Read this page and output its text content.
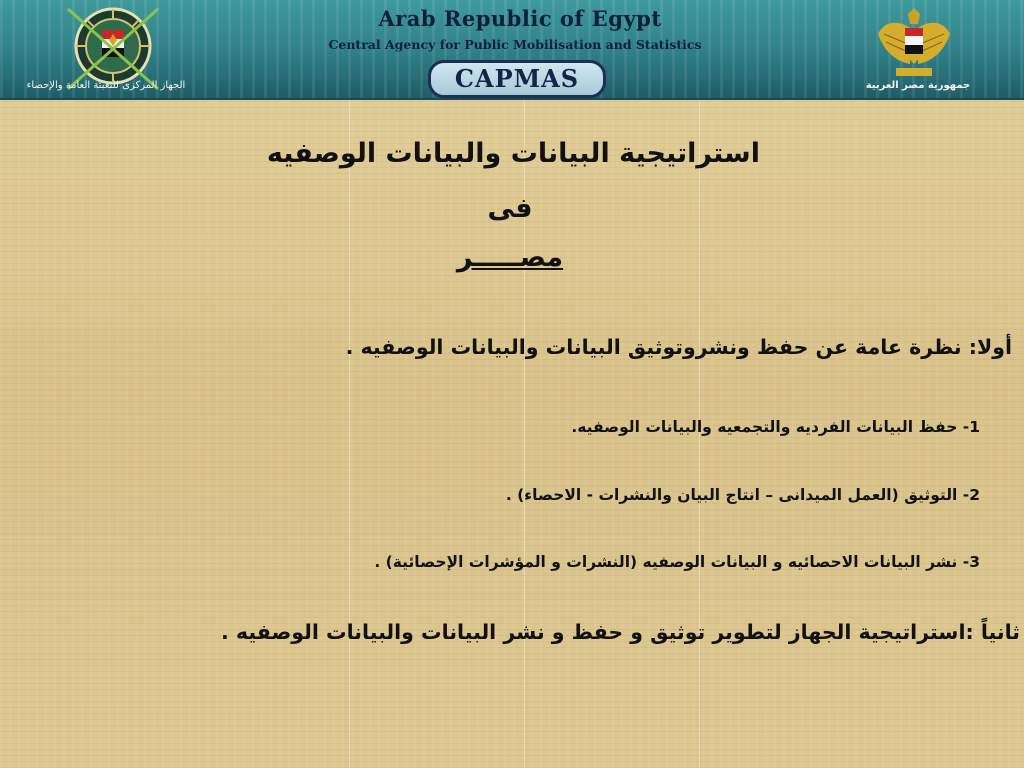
الجهاز المركزى للتعبئة العامة والإحصاء
Arab Republic of Egypt
Central Agency for Public Mobilisation and Statistics
CAPMAS	جمهورية مصر العربية
استراتيجية البيانات والبيانات الوصفيه
فى
مصـــــر
أولا: نظرة عامة عن حفظ ونشروتوثيق البيانات والبيانات الوصفيه .
1- حفظ البيانات الفرديه والتجمعيه والبيانات الوصفيه.
2- التوثيق (العمل الميدانى – انتاج البيان والنشرات - الاحصاء) .
3- نشر البيانات الاحصائيه و البيانات الوصفيه (النشرات و المؤشرات الإحصائية) .
ثانياً :استراتيجية الجهاز لتطوير توثيق و حفظ و نشر البيانات والبيانات الوصفيه .
